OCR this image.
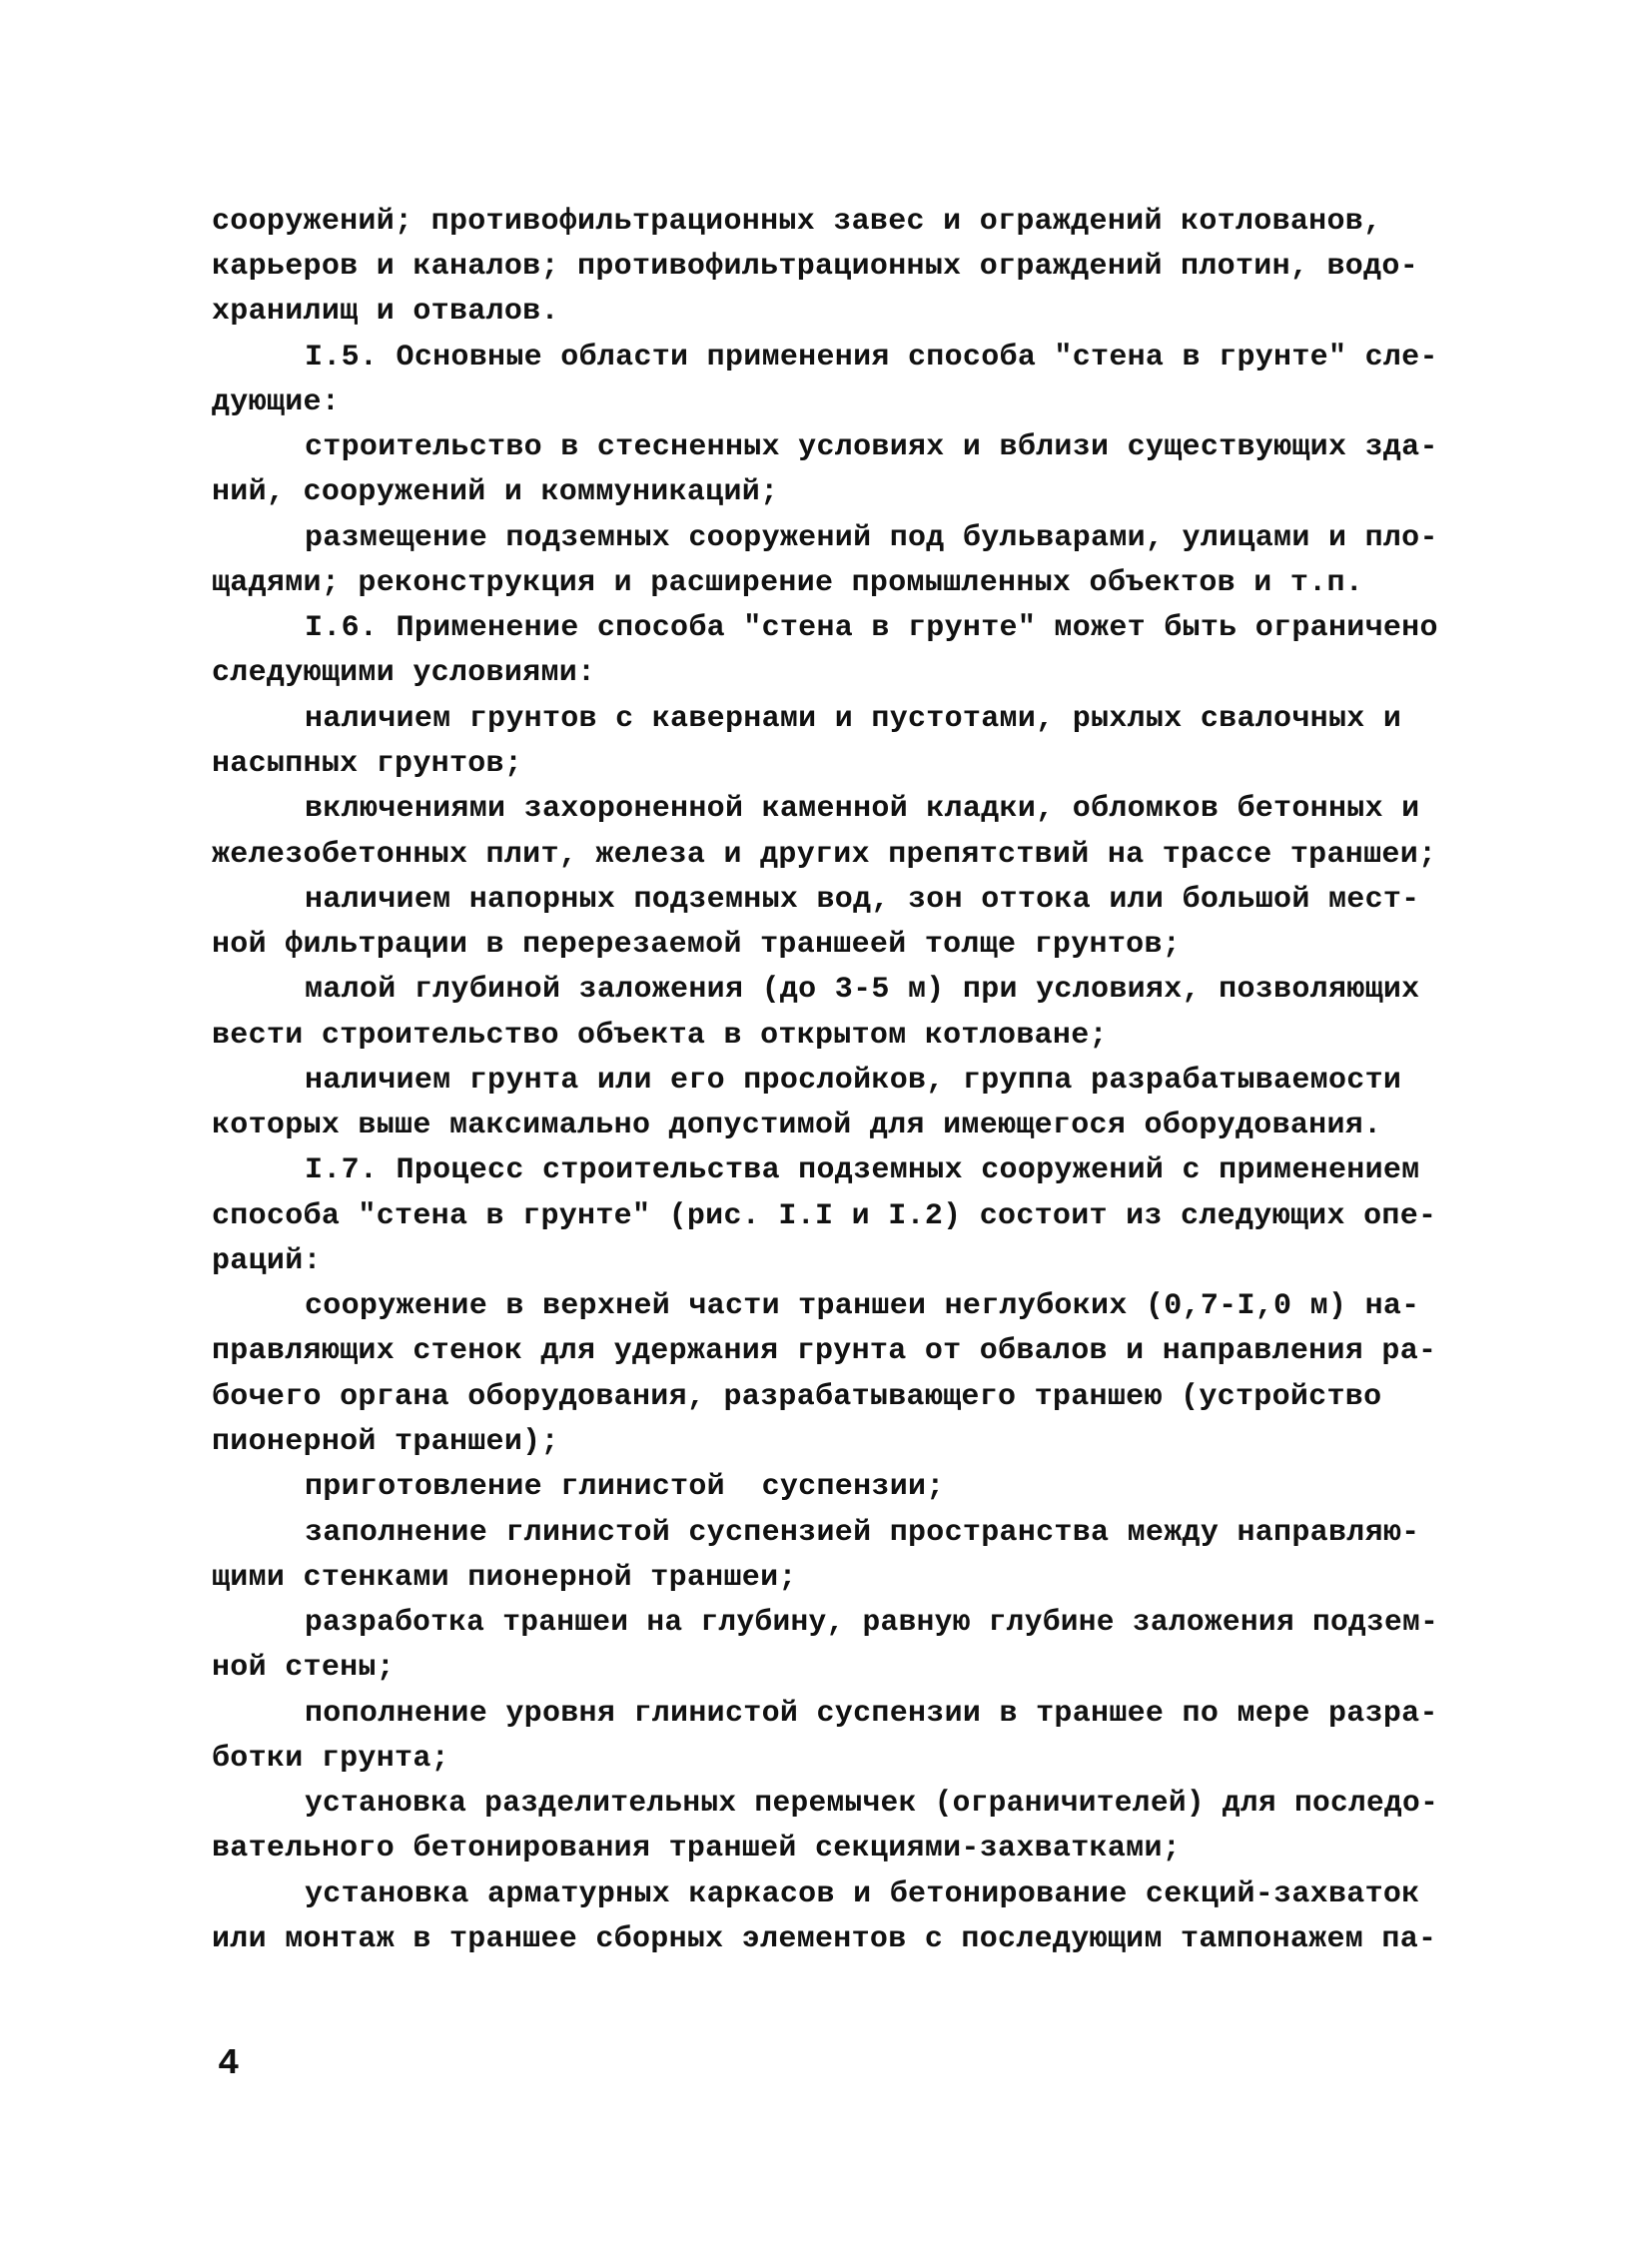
сооружений; противофильтрационных завес и ограждений котлованов,
карьеров и каналов; противофильтрационных ограждений плотин, водо-
хранилищ и отвалов.
I.5. Основные области применения способа "стена в грунте" сле-
дующие:
строительство в стесненных условиях и вблизи существующих зда-
ний, сооружений и коммуникаций;
размещение подземных сооружений под бульварами, улицами и пло-
щадями; реконструкция и расширение промышленных объектов и т.п.
I.6. Применение способа "стена в грунте" может быть ограничено
следующими условиями:
наличием грунтов с кавернами и пустотами, рыхлых свалочных и
насыпных грунтов;
включениями захороненной каменной кладки, обломков бетонных и
железобетонных плит, железа и других препятствий на трассе траншеи;
наличием напорных подземных вод, зон оттока или большой мест-
ной фильтрации в перерезаемой траншеей толще грунтов;
малой глубиной заложения (до 3-5 м) при условиях, позволяющих
вести строительство объекта в открытом котловане;
наличием грунта или его прослойков, группа разрабатываемости
которых выше максимально допустимой для имеющегося оборудования.
I.7. Процесс строительства подземных сооружений с применением
способа "стена в грунте" (рис. I.I и I.2) состоит из следующих опе-
раций:
сооружение в верхней части траншеи неглубоких (0,7-I,0 м) на-
правляющих стенок для удержания грунта от обвалов и направления ра-
бочего органа оборудования, разрабатывающего траншею (устройство
пионерной траншеи);
приготовление глинистой  суспензии;
заполнение глинистой суспензией пространства между направляю-
щими стенками пионерной траншеи;
разработка траншеи на глубину, равную глубине заложения подзем-
ной стены;
пополнение уровня глинистой суспензии в траншее по мере разра-
ботки грунта;
установка разделительных перемычек (ограничителей) для последо-
вательного бетонирования траншей секциями-захватками;
установка арматурных каркасов и бетонирование секций-захваток
или монтаж в траншее сборных элементов с последующим тампонажем па-
4
